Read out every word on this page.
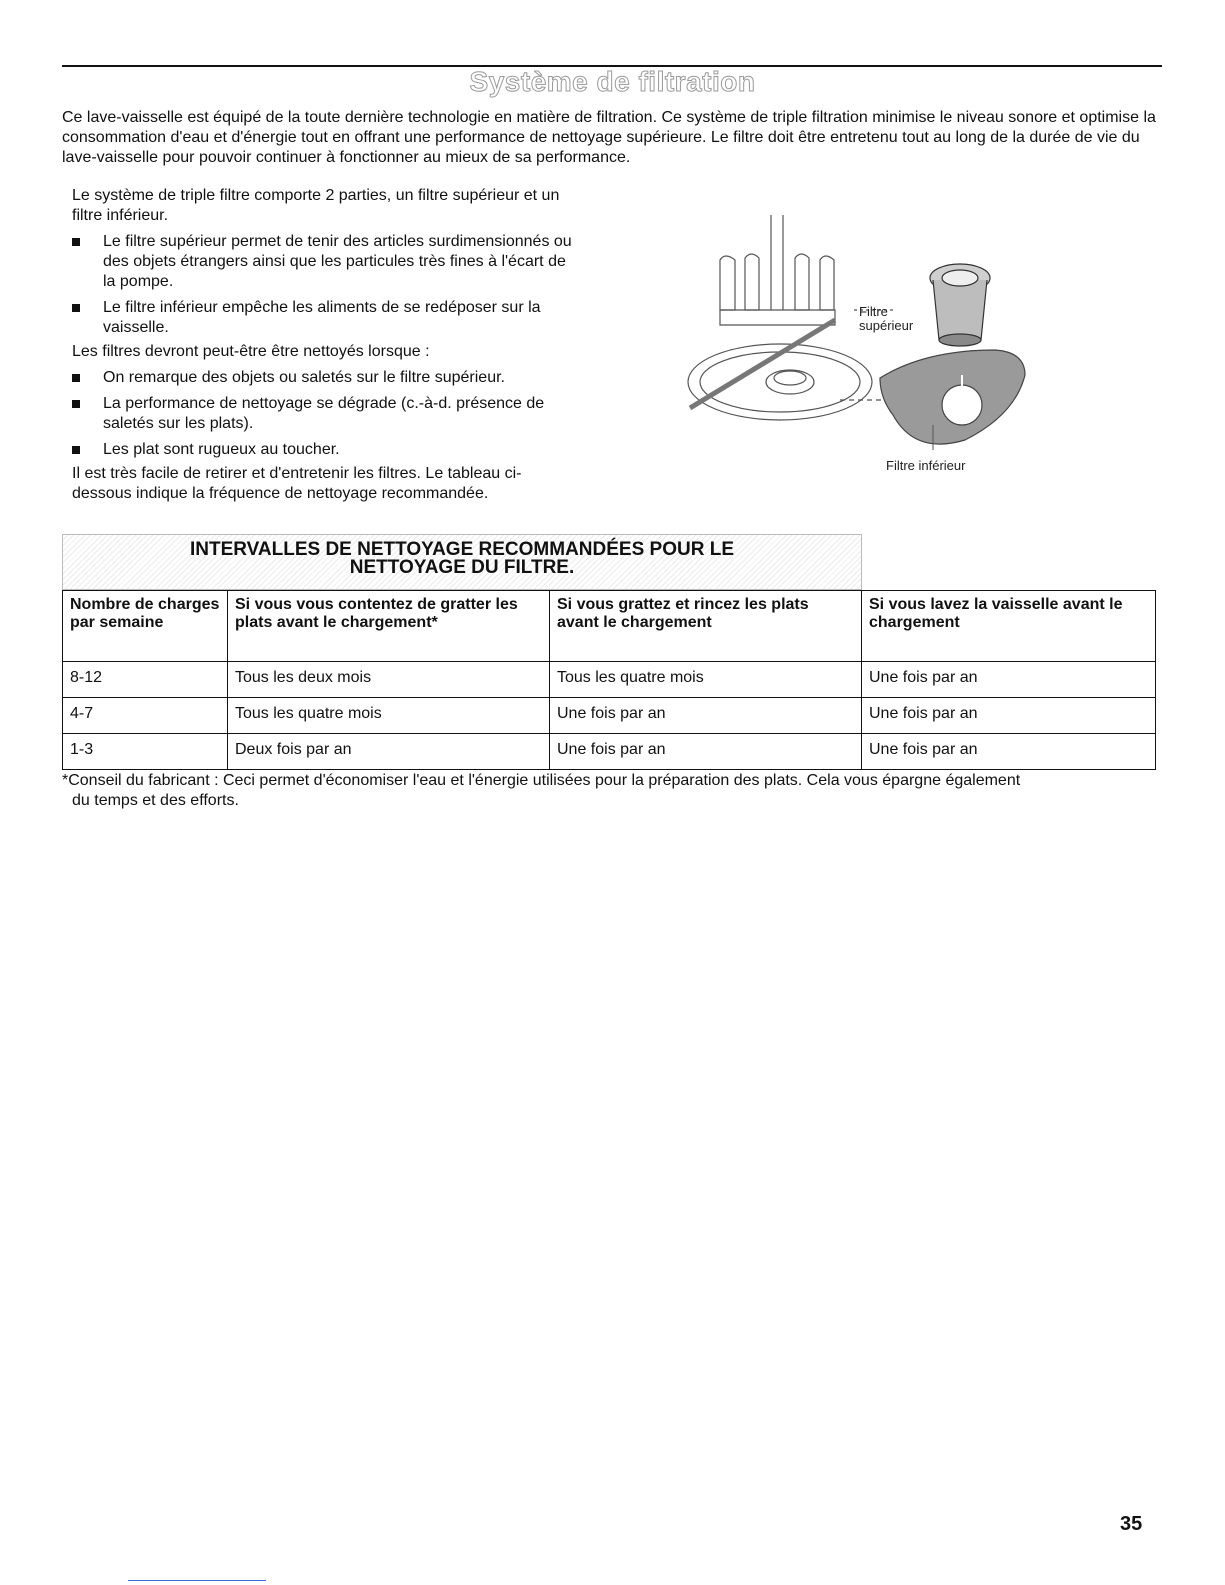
Système de filtration

Ce lave-vaisselle est équipé de la toute dernière technologie en matière de filtration. Ce système de triple filtration minimise le niveau sonore et optimise la consommation d'eau et d'énergie tout en offrant une performance de nettoyage supérieure. Le filtre doit être entretenu tout au long de la durée de vie du lave-vaisselle pour pouvoir continuer à fonctionner au mieux de sa performance.

Le système de triple filtre comporte 2 parties, un filtre supérieur et un filtre inférieur.

Le filtre supérieur permet de tenir des articles surdimensionnés ou des objets étrangers ainsi que les particules très fines à l'écart de la pompe.

Le filtre inférieur empêche les aliments de se redéposer sur la vaisselle.

Les filtres devront peut-être être nettoyés lorsque :

On remarque des objets ou saletés sur le filtre supérieur.

La performance de nettoyage se dégrade (c.-à-d. présence de saletés sur les plats).

Les plat sont rugueux au toucher.

Il est très facile de retirer et d'entretenir les filtres. Le tableau ci-dessous indique la fréquence de nettoyage recommandée.

Filtre
supérieur
Filtre inférieur
INTERVALLES DE NETTOYAGE RECOMMANDÉES POUR LE
NETTOYAGE DU FILTRE.
Nombre de charges par semaine	Si vous vous contentez de gratter les plats avant le chargement*	Si vous grattez et rincez les plats avant le chargement	Si vous lavez la vaisselle avant le chargement
8-12	Tous les deux mois	Tous les quatre mois	Une fois par an
4-7	Tous les quatre mois	Une fois par an	Une fois par an
1-3	Deux fois par an	Une fois par an	Une fois par an
*Conseil du fabricant : Ceci permet d'économiser l'eau et l'énergie utilisées pour la préparation des plats. Cela vous épargne également
du temps et des efforts.
35
